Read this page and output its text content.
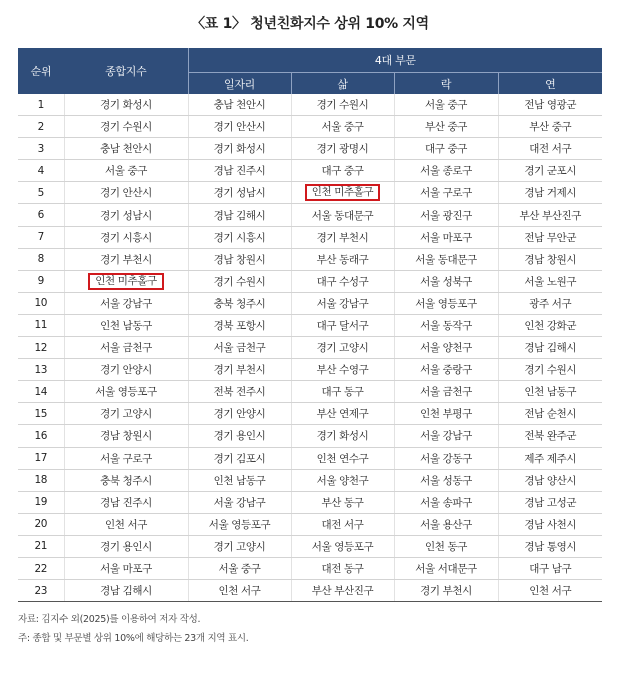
〈표 1〉 청년친화지수 상위 10% 지역
순위	종합지수	4대 부문			
		일자리	삶	락	연
1	경기 화성시	충남 천안시	경기 수원시	서울 중구	전남 영광군
2	경기 수원시	경기 안산시	서울 중구	부산 중구	부산 중구
3	충남 천안시	경기 화성시	경기 광명시	대구 중구	대전 서구
4	서울 중구	경남 진주시	대구 중구	서울 종로구	경기 군포시
5	경기 안산시	경기 성남시	인천 미추홀구	서울 구로구	경남 거제시
6	경기 성남시	경남 김해시	서울 동대문구	서울 광진구	부산 부산진구
7	경기 시흥시	경기 시흥시	경기 부천시	서울 마포구	전남 무안군
8	경기 부천시	경남 창원시	부산 동래구	서울 동대문구	경남 창원시
9	인천 미추홀구	경기 수원시	대구 수성구	서울 성북구	서울 노원구
10	서울 강남구	충북 청주시	서울 강남구	서울 영등포구	광주 서구
11	인천 남동구	경북 포항시	대구 달서구	서울 동작구	인천 강화군
12	서울 금천구	서울 금천구	경기 고양시	서울 양천구	경남 김해시
13	경기 안양시	경기 부천시	부산 수영구	서울 중랑구	경기 수원시
14	서울 영등포구	전북 전주시	대구 동구	서울 금천구	인천 남동구
15	경기 고양시	경기 안양시	부산 연제구	인천 부평구	전남 순천시
16	경남 창원시	경기 용인시	경기 화성시	서울 강남구	전북 완주군
17	서울 구로구	경기 김포시	인천 연수구	서울 강동구	제주 제주시
18	충북 청주시	인천 남동구	서울 양천구	서울 성동구	경남 양산시
19	경남 진주시	서울 강남구	부산 동구	서울 송파구	경남 고성군
20	인천 서구	서울 영등포구	대전 서구	서울 용산구	경남 사천시
21	경기 용인시	경기 고양시	서울 영등포구	인천 동구	경남 통영시
22	서울 마포구	서울 중구	대전 동구	서울 서대문구	대구 남구
23	경남 김해시	인천 서구	부산 부산진구	경기 부천시	인천 서구
자료: 김지수 외(2025)를 이용하여 저자 작성.
주: 종합 및 부문별 상위 10%에 해당하는 23개 지역 표시.
